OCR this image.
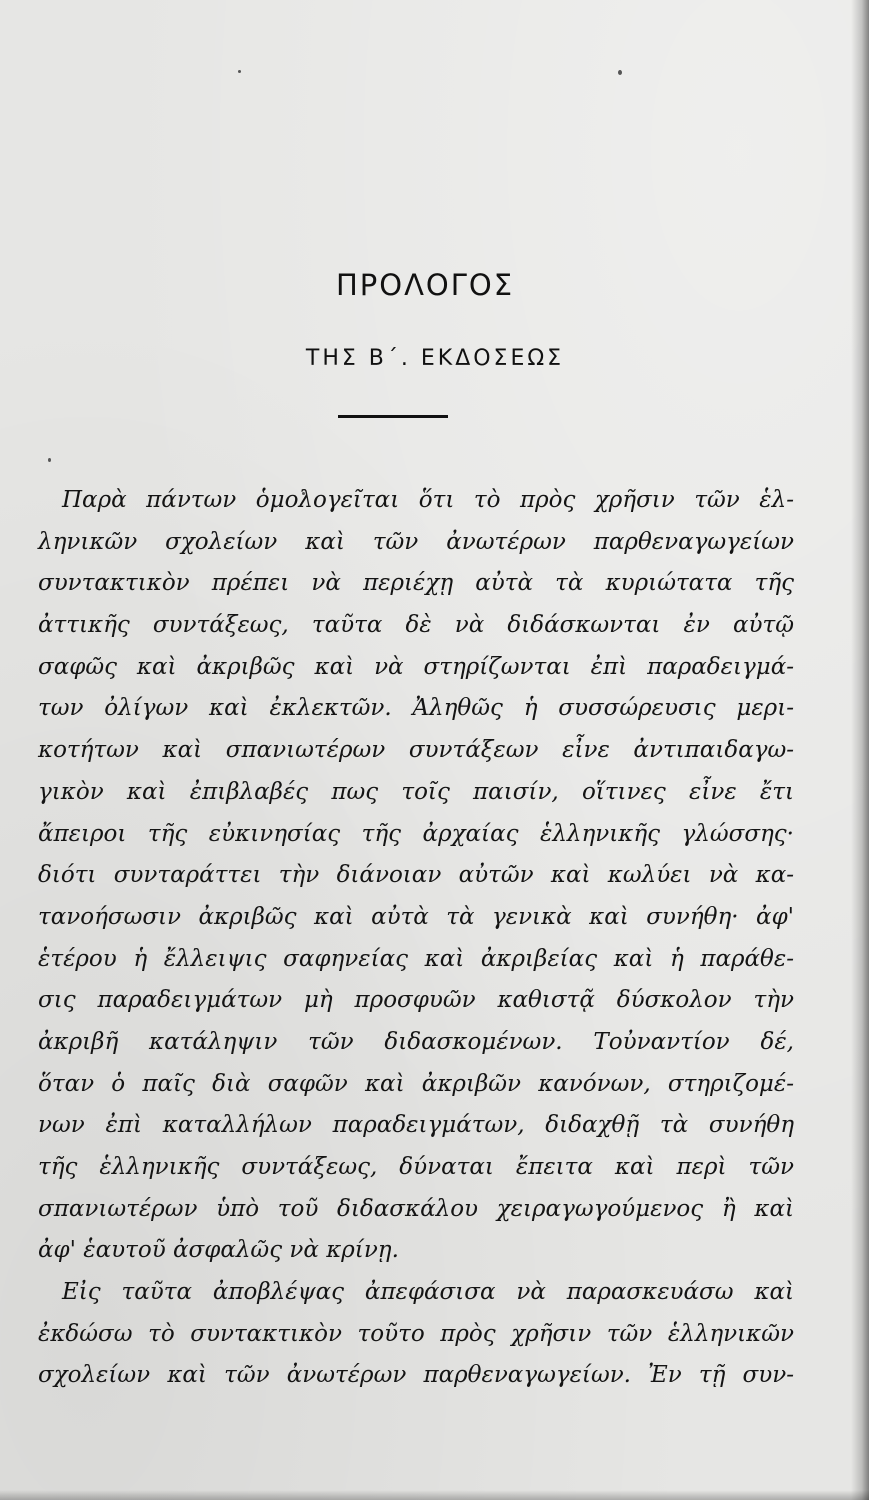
ΠΡΟΛΟΓΟΣ
ΤΗΣ Β΄. ΕΚΔΟΣΕΩΣ
Παρὰ πάντων ὁμολογεῖται ὅτι τὸ πρὸς χρῆσιν τῶν ἑλ-
ληνικῶν σχολείων καὶ τῶν ἀνωτέρων παρθεναγωγείων
συντακτικὸν πρέπει νὰ περιέχῃ αὐτὰ τὰ κυριώτατα τῆς
ἀττικῆς συντάξεως, ταῦτα δὲ νὰ διδάσκωνται ἐν αὐτῷ
σαφῶς καὶ ἀκριβῶς καὶ νὰ στηρίζωνται ἐπὶ παραδειγμά-
των ὀλίγων καὶ ἐκλεκτῶν. Ἀληθῶς ἡ συσσώρευσις μερι-
κοτήτων καὶ σπανιωτέρων συντάξεων εἶνε ἀντιπαιδαγω-
γικὸν καὶ ἐπιβλαβές πως τοῖς παισίν, οἵτινες εἶνε ἔτι
ἄπειροι τῆς εὐκινησίας τῆς ἀρχαίας ἑλληνικῆς γλώσσης·
διότι συνταράττει τὴν διάνοιαν αὐτῶν καὶ κωλύει νὰ κα-
τανοήσωσιν ἀκριβῶς καὶ αὐτὰ τὰ γενικὰ καὶ συνήθη· ἀφ'
ἑτέρου ἡ ἔλλειψις σαφηνείας καὶ ἀκριβείας καὶ ἡ παράθε-
σις παραδειγμάτων μὴ προσφυῶν καθιστᾷ δύσκολον τὴν
ἀκριβῆ κατάληψιν τῶν διδασκομένων. Τοὐναντίον δέ,
ὅταν ὁ παῖς διὰ σαφῶν καὶ ἀκριβῶν κανόνων, στηριζομέ-
νων ἐπὶ καταλλήλων παραδειγμάτων, διδαχθῇ τὰ συνήθη
τῆς ἑλληνικῆς συντάξεως, δύναται ἔπειτα καὶ περὶ τῶν
σπανιωτέρων ὑπὸ τοῦ διδασκάλου χειραγωγούμενος ἢ καὶ
ἀφ' ἑαυτοῦ ἀσφαλῶς νὰ κρίνῃ.
Εἰς ταῦτα ἀποβλέψας ἀπεφάσισα νὰ παρασκευάσω καὶ
ἐκδώσω τὸ συντακτικὸν τοῦτο πρὸς χρῆσιν τῶν ἑλληνικῶν
σχολείων καὶ τῶν ἀνωτέρων παρθεναγωγείων. Ἐν τῇ συν-
